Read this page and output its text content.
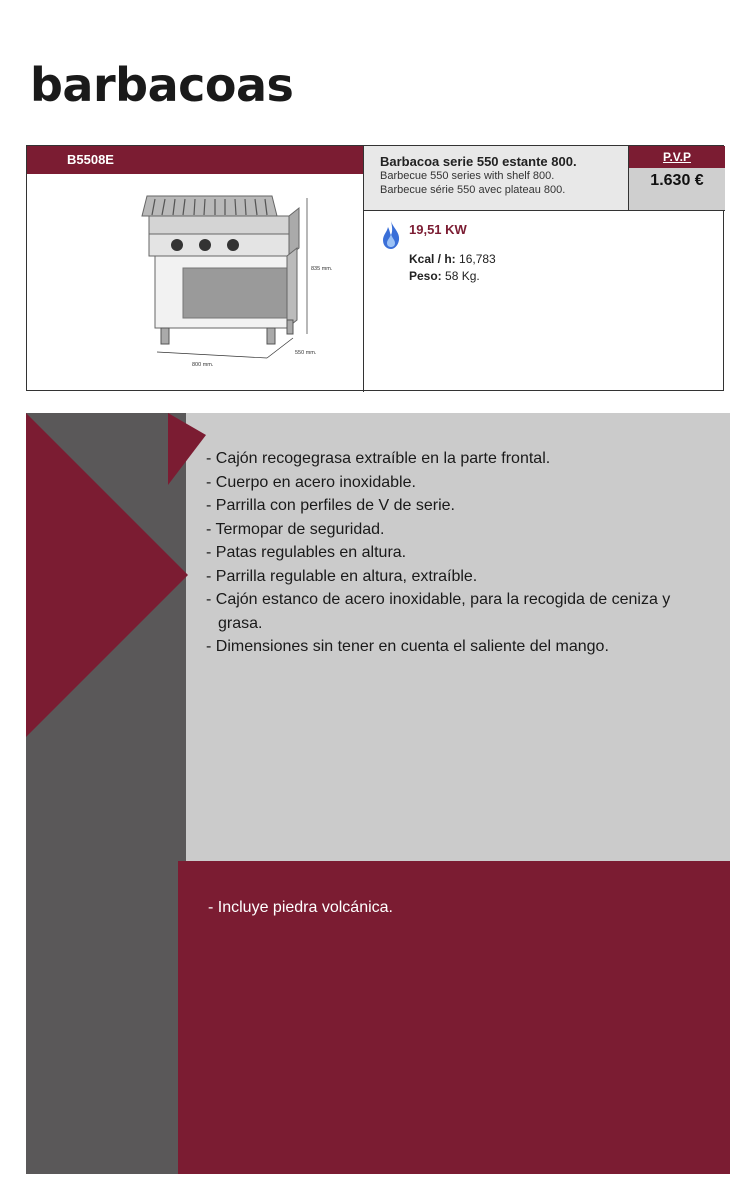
barbacoas
B5508E
835 mm.
550 mm.
800 mm.
Barbacoa serie 550 estante 800.
Barbecue 550 series with shelf 800.
Barbecue série 550 avec plateau 800.
P.V.P
1.630 €
19,51 KW
Kcal / h: 16,783
Peso: 58 Kg.
- Cajón recogegrasa extraíble en la parte frontal.
- Cuerpo en acero inoxidable.
- Parrilla con perfiles de V de serie.
- Termopar de seguridad.
- Patas regulables en altura.
- Parrilla regulable en altura, extraíble.
- Cajón estanco de acero inoxidable, para la recogida de ceniza y grasa.
- Dimensiones sin tener en cuenta el saliente del mango.
- Incluye piedra volcánica.
